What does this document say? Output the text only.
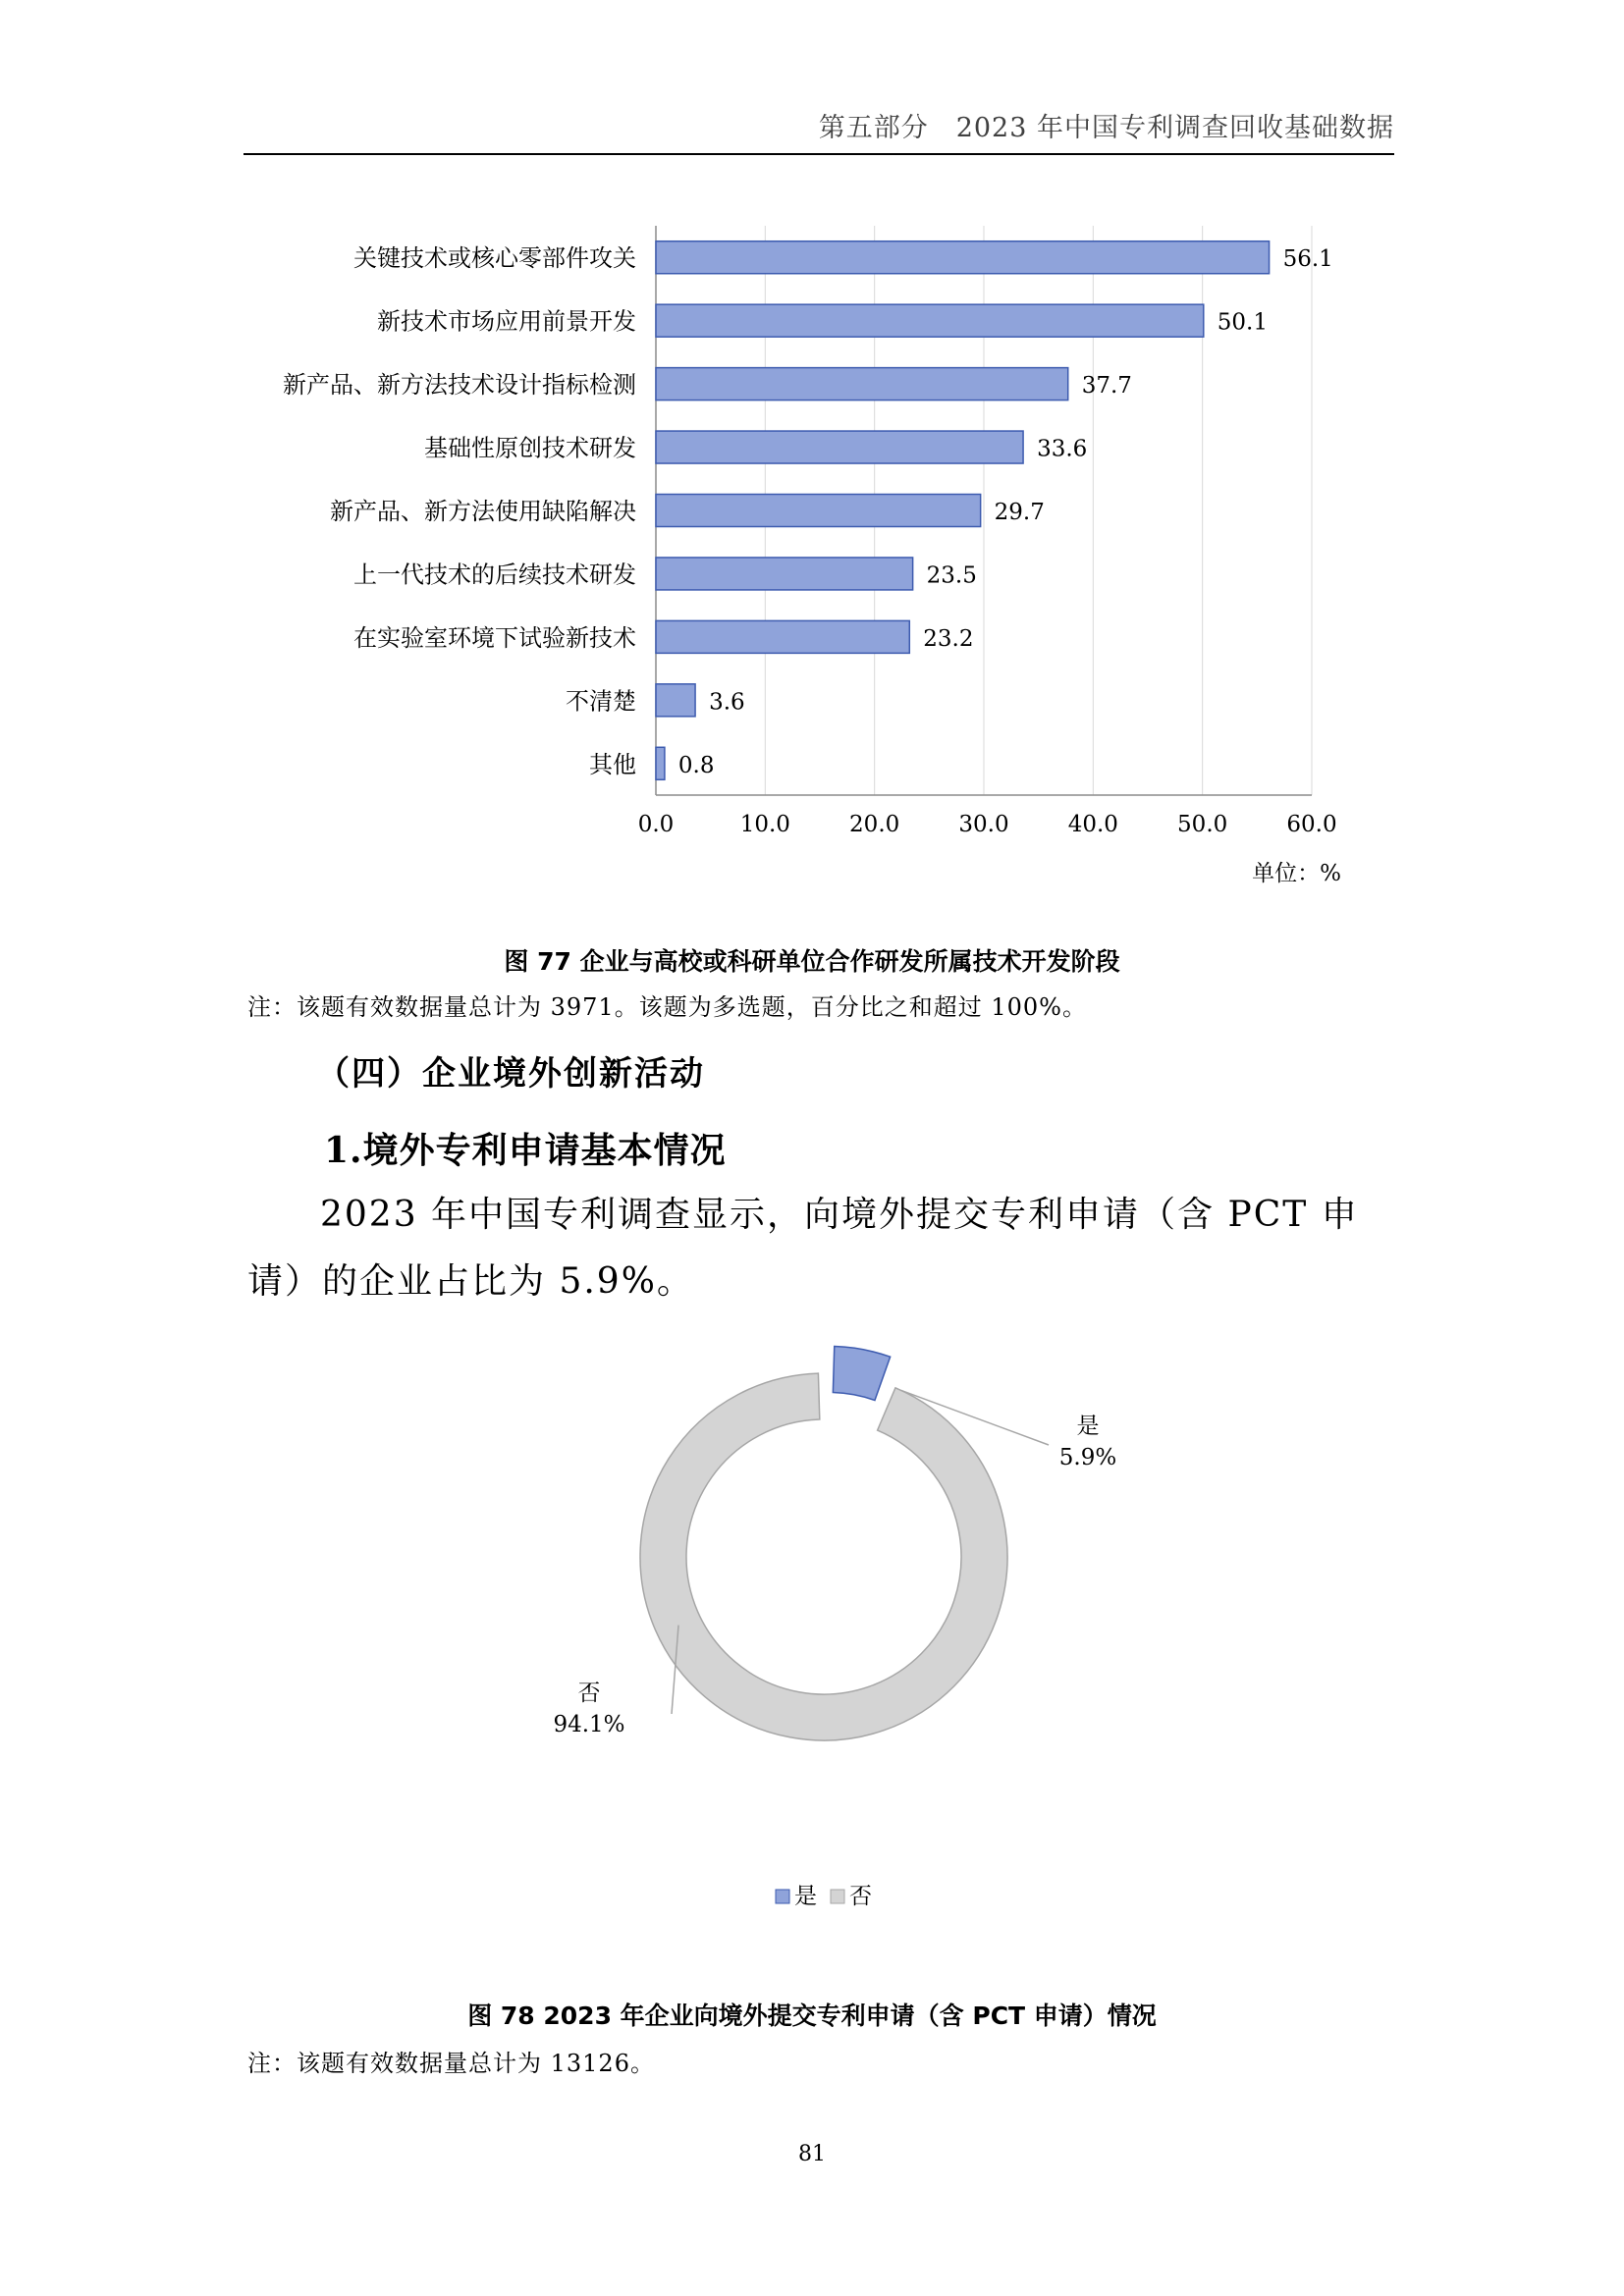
第五部分　2023 年中国专利调查回收基础数据
关键技术或核心零部件攻关
新技术市场应用前景开发
新产品、新方法技术设计指标检测
基础性原创技术研发
新产品、新方法使用缺陷解决
上一代技术的后续技术研发
在实验室环境下试验新技术
不清楚
其他
56.1
50.1
37.7
33.6
29.7
23.5
23.2
3.6
0.8
0.0	10.0	20.0	30.0	40.0	50.0	60.0
单位：%
图 77 企业与高校或科研单位合作研发所属技术开发阶段
注：该题有效数据量总计为 3971。该题为多选题，百分比之和超过 100%。
（四）企业境外创新活动
1.境外专利申请基本情况
2023 年中国专利调查显示，向境外提交专利申请（含 PCT 申请）的企业占比为 5.9%。
是
5.9%
否
94.1%
是 否
图 78 2023 年企业向境外提交专利申请（含 PCT 申请）情况
注：该题有效数据量总计为 13126。
81
